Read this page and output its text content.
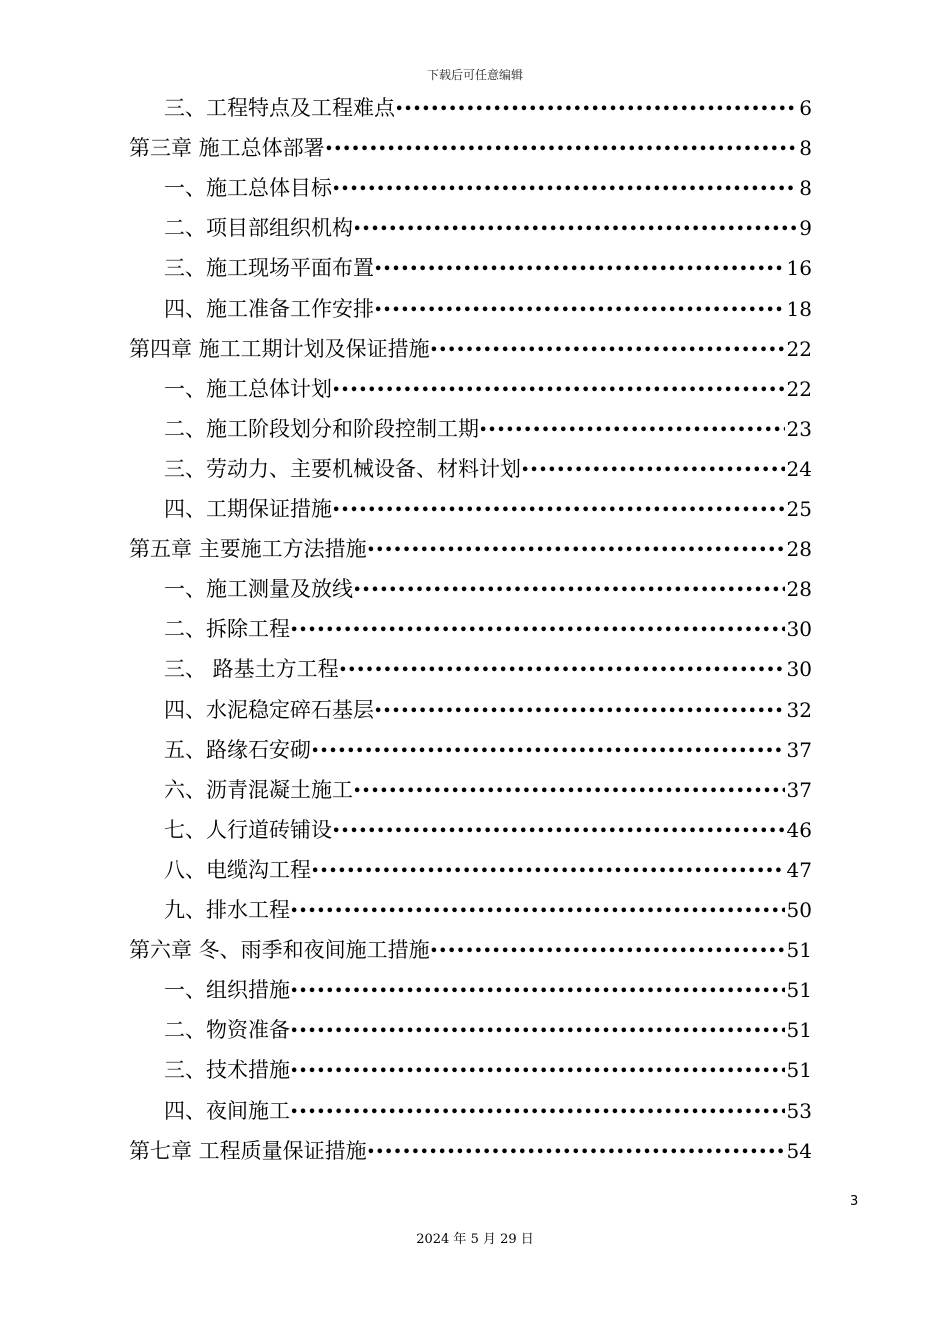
下载后可任意编辑
三、工程特点及工程难点 •••••	6
第三章 施工总体部署 •••••	8
一、施工总体目标 •••••	8
二、项目部组织机构 •••••	9
三、施工现场平面布置 •••••	16
四、施工准备工作安排 •••••	18
第四章 施工工期计划及保证措施 •••••	22
一、施工总体计划 •••••	22
二、施工阶段划分和阶段控制工期 •••••	23
三、劳动力、主要机械设备、材料计划 •••••	24
四、工期保证措施 •••••	25
第五章 主要施工方法措施 •••••	28
一、施工测量及放线 •••••	28
二、拆除工程 •••••	30
三、 路基土方工程 •••••	30
四、水泥稳定碎石基层 •••••	32
五、路缘石安砌 •••••	37
六、沥青混凝土施工 •••••	37
七、人行道砖铺设 •••••	46
八、电缆沟工程 •••••	47
九、排水工程 •••••	50
第六章 冬、雨季和夜间施工措施 •••••	51
一、组织措施 •••••	51
二、物资准备 •••••	51
三、技术措施 •••••	51
四、夜间施工 •••••	53
第七章 工程质量保证措施 •••••	54
3
2024 年 5 月 29 日
